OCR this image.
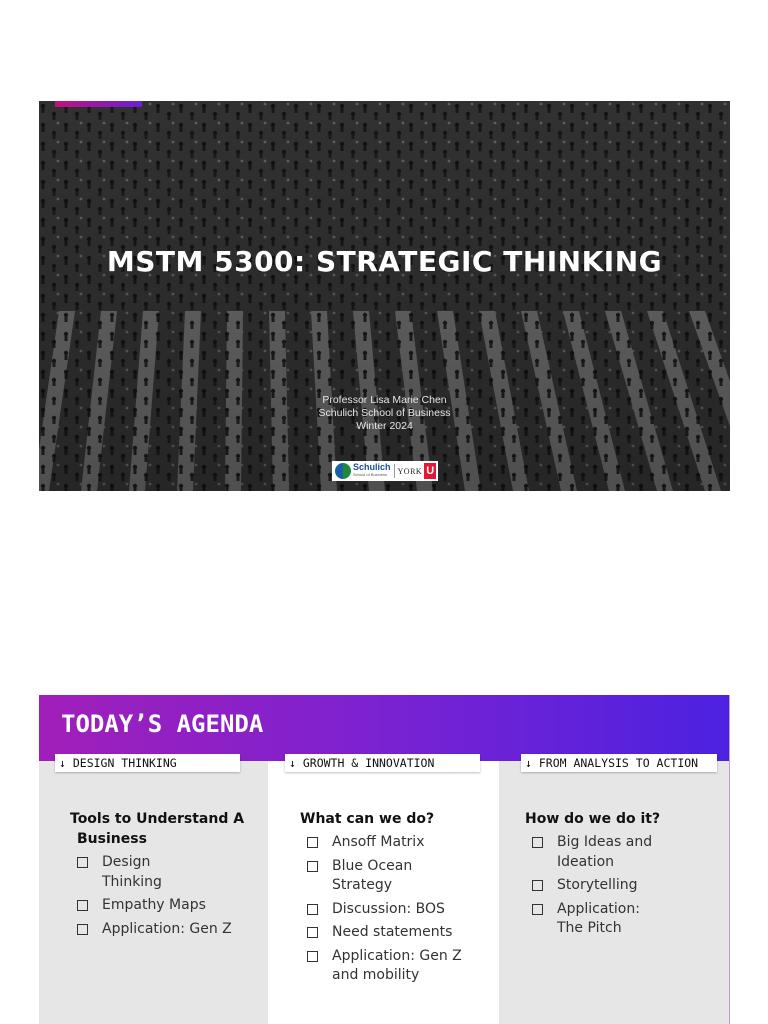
MSTM 5300: STRATEGIC THINKING
Professor Lisa Marie Chen
Schulich School of Business
Winter 2024
Schulich
School of Business	YORK U
TODAY’S AGENDA
↓ DESIGN THINKING	↓ GROWTH & INNOVATION	↓ FROM ANALYSIS TO ACTION
Tools to Understand A
Business
Design
Thinking
Empathy Maps
Application: Gen Z
What can we do?
Ansoff Matrix
Blue Ocean
Strategy
Discussion: BOS
Need statements
Application: Gen Z
and mobility
How do we do it?
Big Ideas and
Ideation
Storytelling
Application:
The Pitch
